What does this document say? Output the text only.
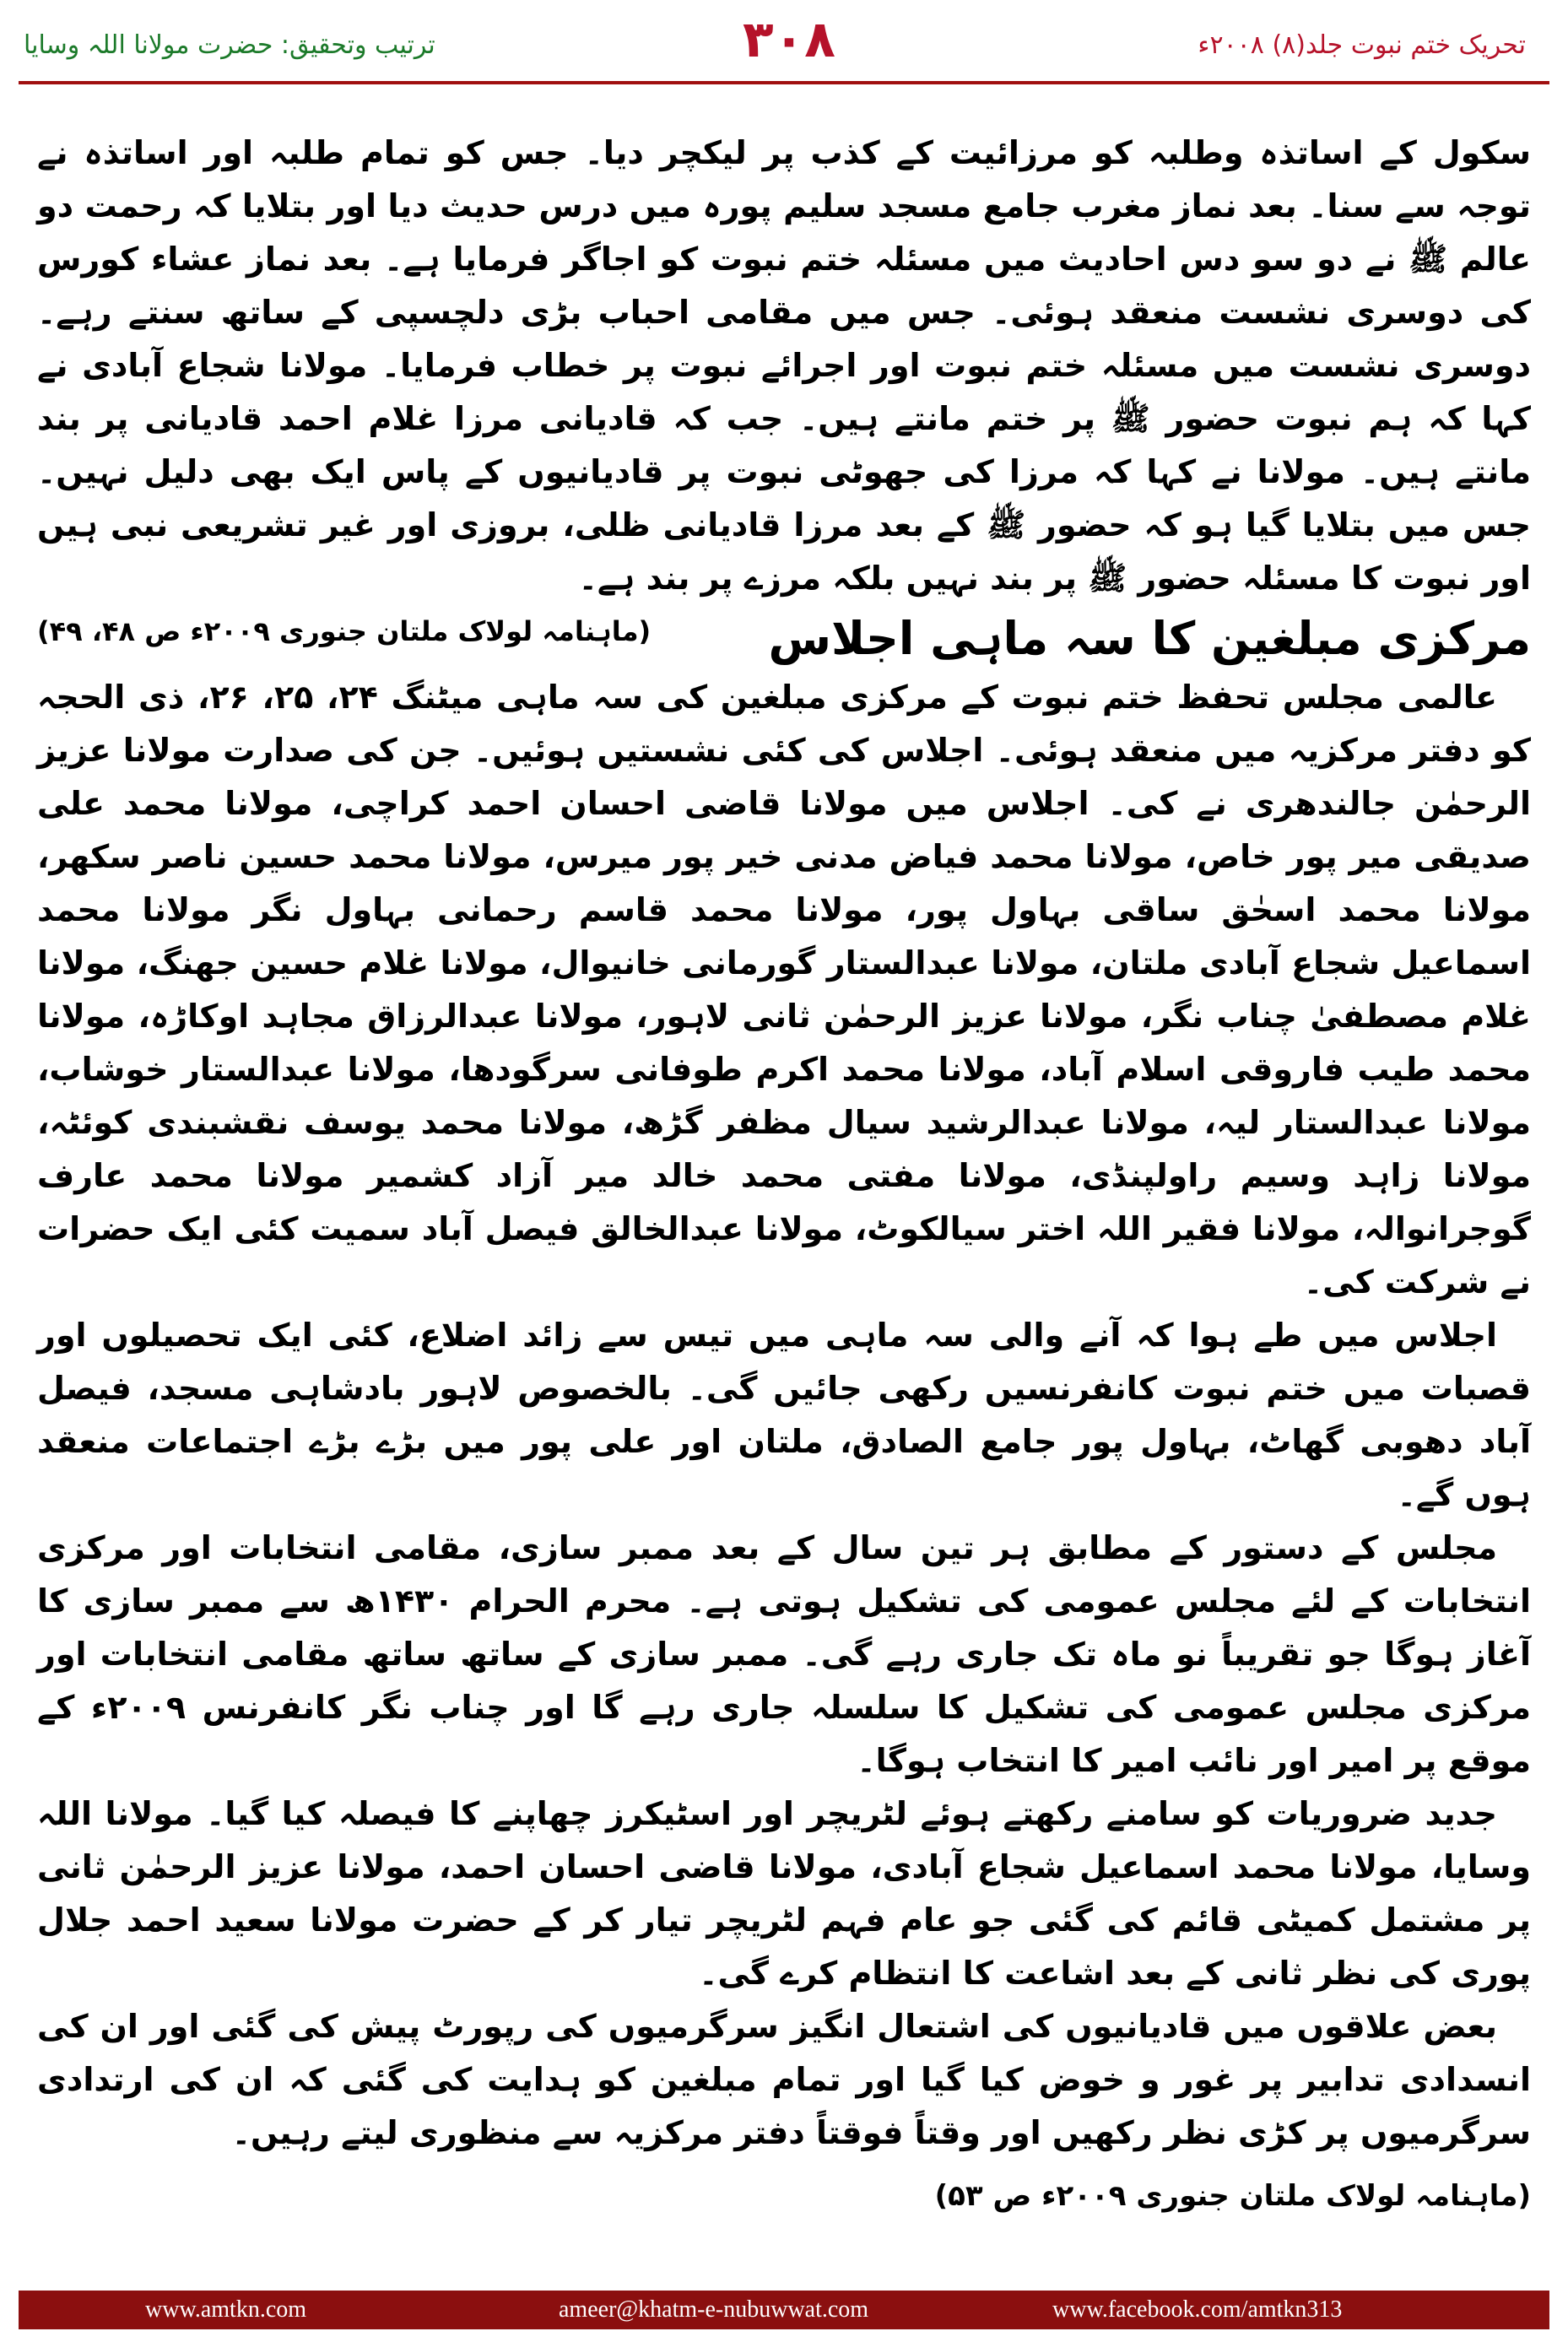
تحریک ختم نبوت جلد(۸) ۲۰۰۸ء
۳۰۸
ترتیب وتحقیق: حضرت مولانا اللہ وسایا

سکول کے اساتذہ وطلبہ کو مرزائیت کے کذب پر لیکچر دیا۔ جس کو تمام طلبہ اور اساتذہ نے توجہ سے سنا۔ بعد نماز مغرب جامع مسجد سلیم پورہ میں درس حدیث دیا اور بتلایا کہ رحمت دو عالم ﷺ نے دو سو دس احادیث میں مسئلہ ختم نبوت کو اجاگر فرمایا ہے۔ بعد نماز عشاء کورس کی دوسری نشست منعقد ہوئی۔ جس میں مقامی احباب بڑی دلچسپی کے ساتھ سنتے رہے۔ دوسری نشست میں مسئلہ ختم نبوت اور اجرائے نبوت پر خطاب فرمایا۔ مولانا شجاع آبادی نے کہا کہ ہم نبوت حضور ﷺ پر ختم مانتے ہیں۔ جب کہ قادیانی مرزا غلام احمد قادیانی پر بند مانتے ہیں۔ مولانا نے کہا کہ مرزا کی جھوٹی نبوت پر قادیانیوں کے پاس ایک بھی دلیل نہیں۔ جس میں بتلایا گیا ہو کہ حضور ﷺ کے بعد مرزا قادیانی ظلی، بروزی اور غیر تشریعی نبی ہیں اور نبوت کا مسئلہ حضور ﷺ پر بند نہیں بلکہ مرزے پر بند ہے۔
(ماہنامہ لولاک ملتان جنوری ۲۰۰۹ء ص ۴۸، ۴۹)	مرکزی مبلغین کا سہ ماہی اجلاس

عالمی مجلس تحفظ ختم نبوت کے مرکزی مبلغین کی سہ ماہی میٹنگ ۲۴، ۲۵، ۲۶، ذی الحجہ کو دفتر مرکزیہ میں منعقد ہوئی۔ اجلاس کی کئی نشستیں ہوئیں۔ جن کی صدارت مولانا عزیز الرحمٰن جالندھری نے کی۔ اجلاس میں مولانا قاضی احسان احمد کراچی، مولانا محمد علی صدیقی میر پور خاص، مولانا محمد فیاض مدنی خیر پور میرس، مولانا محمد حسین ناصر سکھر، مولانا محمد اسحٰق ساقی بہاول پور، مولانا محمد قاسم رحمانی بہاول نگر مولانا محمد اسماعیل شجاع آبادی ملتان، مولانا عبدالستار گورمانی خانیوال، مولانا غلام حسین جھنگ، مولانا غلام مصطفیٰ چناب نگر، مولانا عزیز الرحمٰن ثانی لاہور، مولانا عبدالرزاق مجاہد اوکاڑہ، مولانا محمد طیب فاروقی اسلام آباد، مولانا محمد اکرم طوفانی سرگودھا، مولانا عبدالستار خوشاب، مولانا عبدالستار لیہ، مولانا عبدالرشید سیال مظفر گڑھ، مولانا محمد یوسف نقشبندی کوئٹہ، مولانا زاہد وسیم راولپنڈی، مولانا مفتی محمد خالد میر آزاد کشمیر مولانا محمد عارف گوجرانوالہ، مولانا فقیر اللہ اختر سیالکوٹ، مولانا عبدالخالق فیصل آباد سمیت کئی ایک حضرات نے شرکت کی۔

اجلاس میں طے ہوا کہ آنے والی سہ ماہی میں تیس سے زائد اضلاع، کئی ایک تحصیلوں اور قصبات میں ختم نبوت کانفرنسیں رکھی جائیں گی۔ بالخصوص لاہور بادشاہی مسجد، فیصل آباد دھوبی گھاٹ، بہاول پور جامع الصادق، ملتان اور علی پور میں بڑے بڑے اجتماعات منعقد ہوں گے۔

مجلس کے دستور کے مطابق ہر تین سال کے بعد ممبر سازی، مقامی انتخابات اور مرکزی انتخابات کے لئے مجلس عمومی کی تشکیل ہوتی ہے۔ محرم الحرام ۱۴۳۰ھ سے ممبر سازی کا آغاز ہوگا جو تقریباً نو ماہ تک جاری رہے گی۔ ممبر سازی کے ساتھ ساتھ مقامی انتخابات اور مرکزی مجلس عمومی کی تشکیل کا سلسلہ جاری رہے گا اور چناب نگر کانفرنس ۲۰۰۹ء کے موقع پر امیر اور نائب امیر کا انتخاب ہوگا۔

جدید ضروریات کو سامنے رکھتے ہوئے لٹریچر اور اسٹیکرز چھاپنے کا فیصلہ کیا گیا۔ مولانا اللہ وسایا، مولانا محمد اسماعیل شجاع آبادی، مولانا قاضی احسان احمد، مولانا عزیز الرحمٰن ثانی پر مشتمل کمیٹی قائم کی گئی جو عام فہم لٹریچر تیار کر کے حضرت مولانا سعید احمد جلال پوری کی نظر ثانی کے بعد اشاعت کا انتظام کرے گی۔

بعض علاقوں میں قادیانیوں کی اشتعال انگیز سرگرمیوں کی رپورٹ پیش کی گئی اور ان کی انسدادی تدابیر پر غور و خوض کیا گیا اور تمام مبلغین کو ہدایت کی گئی کہ ان کی ارتدادی سرگرمیوں پر کڑی نظر رکھیں اور وقتاً فوقتاً دفتر مرکزیہ سے منظوری لیتے رہیں۔

(ماہنامہ لولاک ملتان جنوری ۲۰۰۹ء ص ۵۳)
www.amtkn.com	ameer@khatm-e-nubuwwat.com	www.facebook.com/amtkn313
